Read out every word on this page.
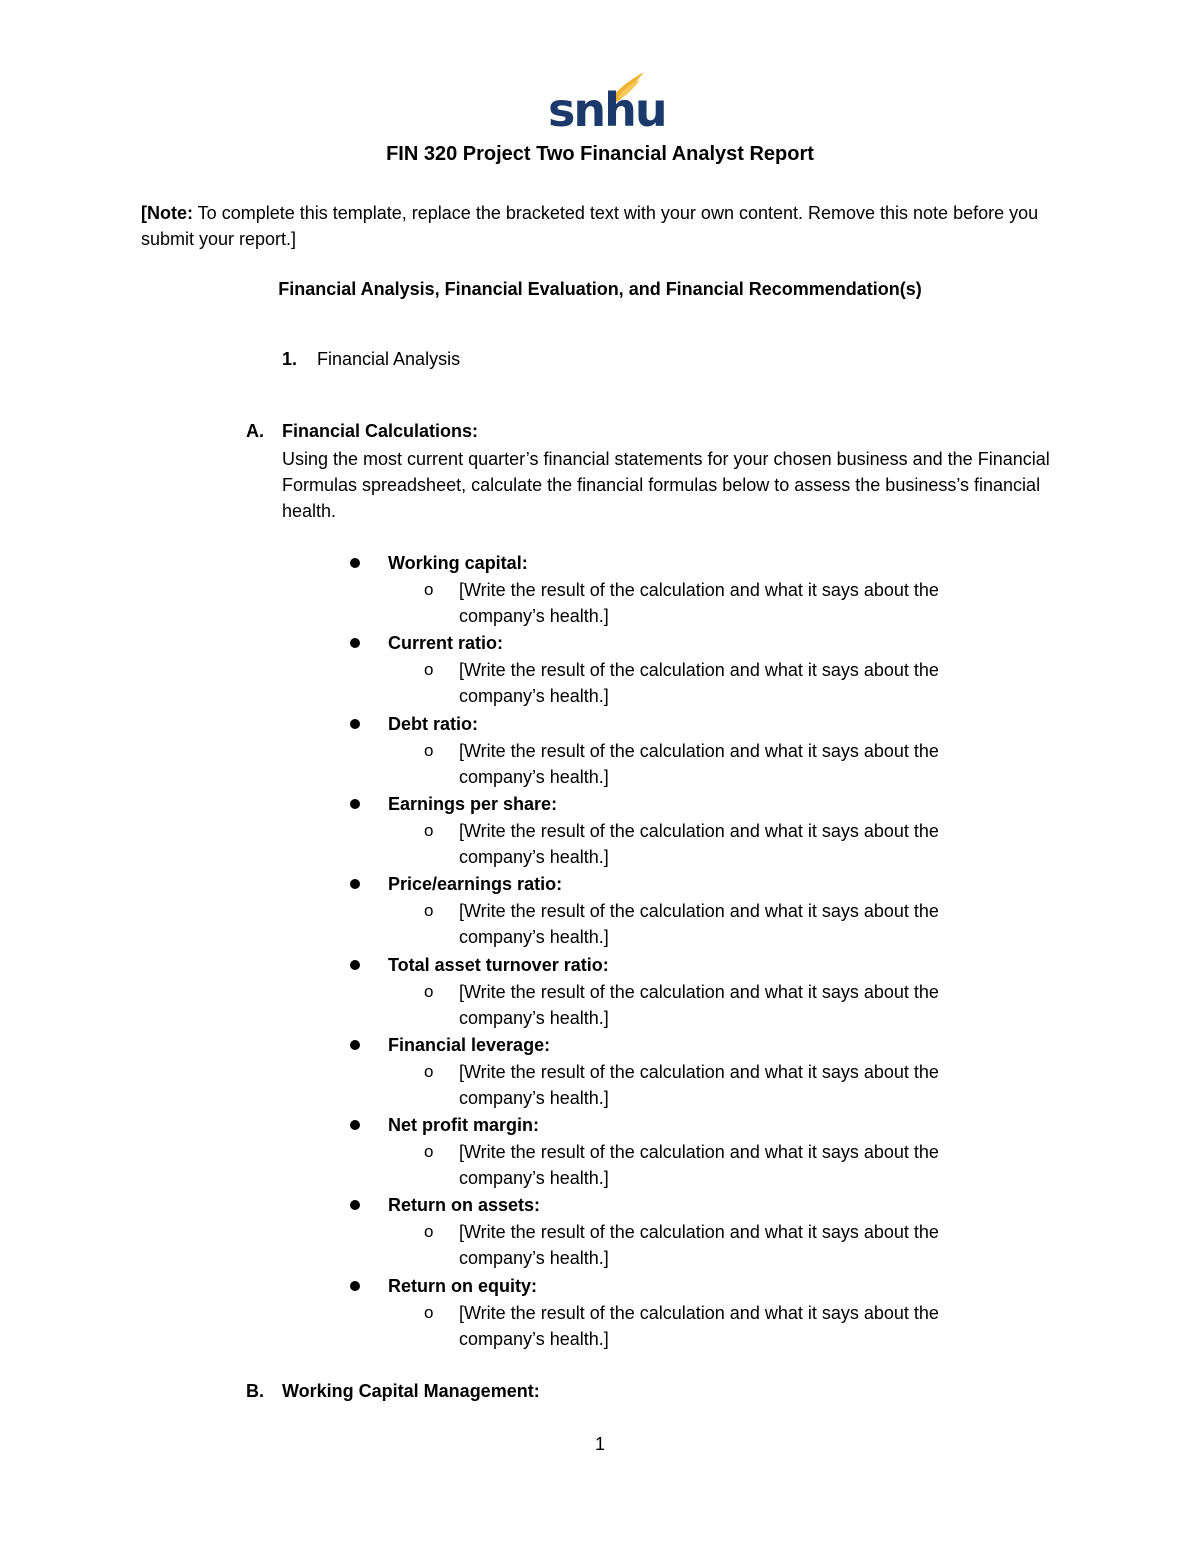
snhu
FIN 320 Project Two Financial Analyst Report
[Note: To complete this template, replace the bracketed text with your own content. Remove this note before you submit your report.]
Financial Analysis, Financial Evaluation, and Financial Recommendation(s)
1. Financial Analysis
A. Financial Calculations:
Using the most current quarter’s financial statements for your chosen business and the Financial Formulas spreadsheet, calculate the financial formulas below to assess the business’s financial health.
Working capital:
o [Write the result of the calculation and what it says about the company’s health.]
Current ratio:
o [Write the result of the calculation and what it says about the company’s health.]
Debt ratio:
o [Write the result of the calculation and what it says about the company’s health.]
Earnings per share:
o [Write the result of the calculation and what it says about the company’s health.]
Price/earnings ratio:
o [Write the result of the calculation and what it says about the company’s health.]
Total asset turnover ratio:
o [Write the result of the calculation and what it says about the company’s health.]
Financial leverage:
o [Write the result of the calculation and what it says about the company’s health.]
Net profit margin:
o [Write the result of the calculation and what it says about the company’s health.]
Return on assets:
o [Write the result of the calculation and what it says about the company’s health.]
Return on equity:
o [Write the result of the calculation and what it says about the company’s health.]
B. Working Capital Management:
1
